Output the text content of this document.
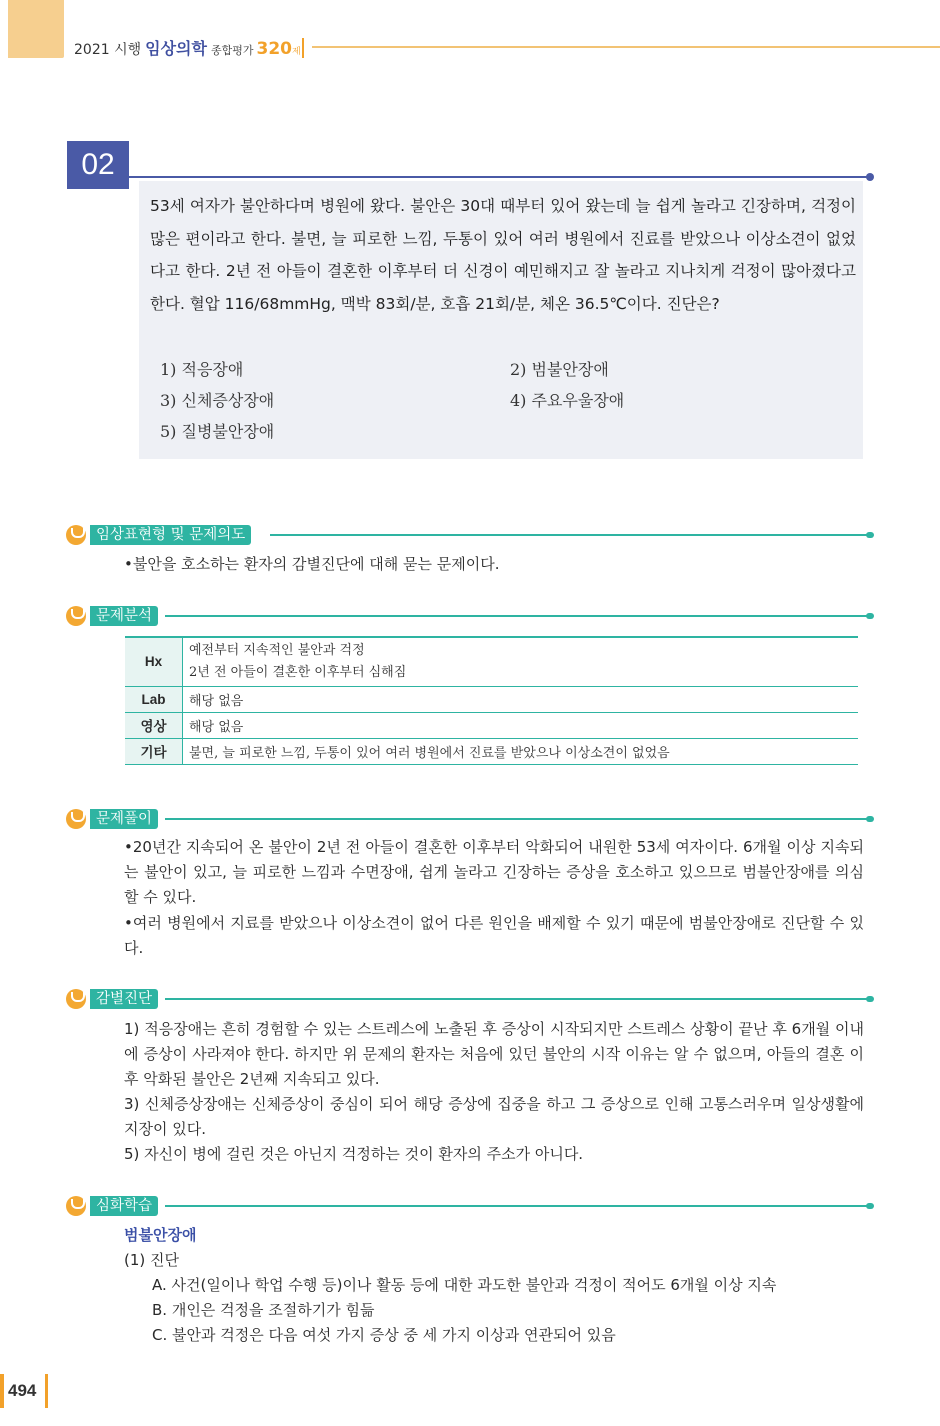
2021 시행 임상의학 종합평가 320제
02
53세 여자가 불안하다며 병원에 왔다. 불안은 30대 때부터 있어 왔는데 늘 쉽게 놀라고 긴장하며, 걱정이 많은 편이라고 한다. 불면, 늘 피로한 느낌, 두통이 있어 여러 병원에서 진료를 받았으나 이상소견이 없었다고 한다. 2년 전 아들이 결혼한 이후부터 더 신경이 예민해지고 잘 놀라고 지나치게 걱정이 많아졌다고 한다. 혈압 116/68mmHg, 맥박 83회/분, 호흡 21회/분, 체온 36.5℃이다. 진단은?
1) 적응장애	2) 범불안장애
3) 신체증상장애	4) 주요우울장애
5) 질병불안장애
임상표현형 및 문제의도
•불안을 호소하는 환자의 감별진단에 대해 묻는 문제이다.
문제분석
Hx	예전부터 지속적인 불안과 걱정
2년 전 아들이 결혼한 이후부터 심해짐

Lab	해당 없음
영상	해당 없음
기타	불면, 늘 피로한 느낌, 두통이 있어 여러 병원에서 진료를 받았으나 이상소견이 없었음
문제풀이
•20년간 지속되어 온 불안이 2년 전 아들이 결혼한 이후부터 악화되어 내원한 53세 여자이다. 6개월 이상 지속되는 불안이 있고, 늘 피로한 느낌과 수면장애, 쉽게 놀라고 긴장하는 증상을 호소하고 있으므로 범불안장애를 의심할 수 있다.
•여러 병원에서 지료를 받았으나 이상소견이 없어 다른 원인을 배제할 수 있기 때문에 범불안장애로 진단할 수 있다.
감별진단
1) 적응장애는 흔히 경험할 수 있는 스트레스에 노출된 후 증상이 시작되지만 스트레스 상황이 끝난 후 6개월 이내에 증상이 사라져야 한다. 하지만 위 문제의 환자는 처음에 있던 불안의 시작 이유는 알 수 없으며, 아들의 결혼 이후 악화된 불안은 2년째 지속되고 있다.
3) 신체증상장애는 신체증상이 중심이 되어 해당 증상에 집중을 하고 그 증상으로 인해 고통스러우며 일상생활에 지장이 있다.
5) 자신이 병에 걸린 것은 아닌지 걱정하는 것이 환자의 주소가 아니다.
심화학습
범불안장애
(1) 진단
A. 사건(일이나 학업 수행 등)이나 활동 등에 대한 과도한 불안과 걱정이 적어도 6개월 이상 지속
B. 개인은 걱정을 조절하기가 힘듦
C. 불안과 걱정은 다음 여섯 가지 증상 중 세 가지 이상과 연관되어 있음
494
